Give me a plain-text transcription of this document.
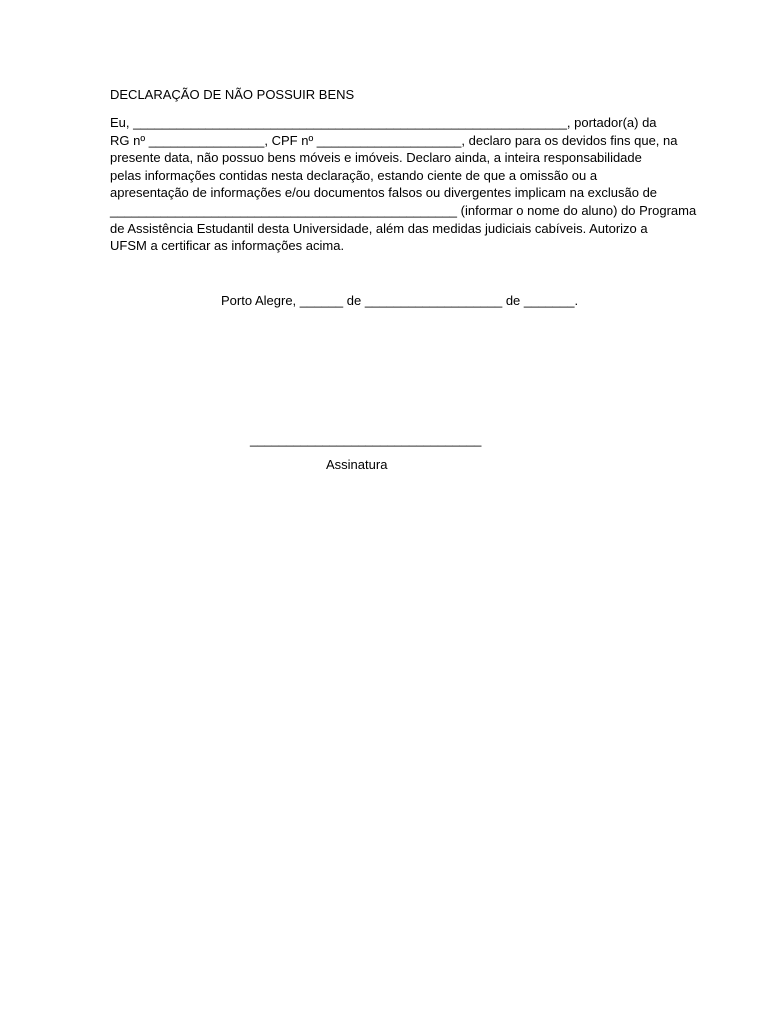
DECLARAÇÃO DE NÃO POSSUIR BENS
Eu, ____________________________________________________________, portador(a) da
RG nº ________________, CPF nº ____________________, declaro para os devidos fins que, na
presente data, não possuo bens móveis e imóveis. Declaro ainda, a inteira responsabilidade
pelas informações contidas nesta declaração, estando ciente de que a omissão ou a
apresentação de informações e/ou documentos falsos ou divergentes implicam na exclusão de
________________________________________________ (informar o nome do aluno) do Programa
de Assistência Estudantil desta Universidade, além das medidas judiciais cabíveis. Autorizo a
UFSM a certificar as informações acima.
Porto Alegre, ______ de ___________________ de _______.
________________________________
Assinatura
